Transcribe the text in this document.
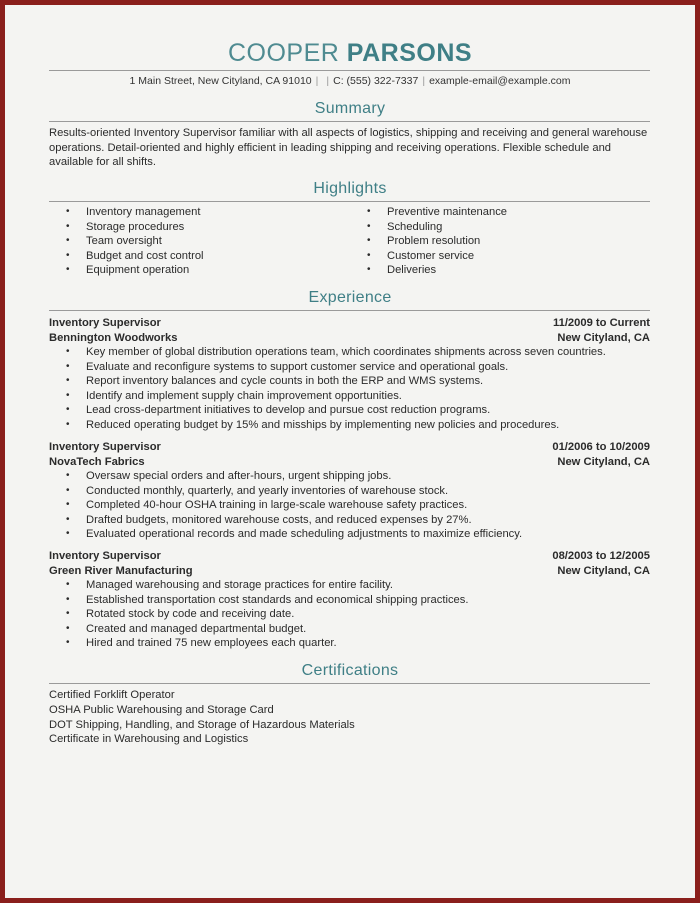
COOPER PARSONS
1 Main Street, New Cityland, CA 91010 | | C: (555) 322-7337 | example-email@example.com
Summary
Results-oriented Inventory Supervisor familiar with all aspects of logistics, shipping and receiving and general warehouse operations. Detail-oriented and highly efficient in leading shipping and receiving operations. Flexible schedule and available for all shifts.
Highlights
• Inventory management
• Storage procedures
• Team oversight
• Budget and cost control
• Equipment operation
• Preventive maintenance
• Scheduling
• Problem resolution
• Customer service
• Deliveries
Experience
Inventory Supervisor	11/2009 to Current
Bennington Woodworks	New Cityland, CA
• Key member of global distribution operations team, which coordinates shipments across seven countries.
• Evaluate and reconfigure systems to support customer service and operational goals.
• Report inventory balances and cycle counts in both the ERP and WMS systems.
• Identify and implement supply chain improvement opportunities.
• Lead cross-department initiatives to develop and pursue cost reduction programs.
• Reduced operating budget by 15% and misships by implementing new policies and procedures.
Inventory Supervisor	01/2006 to 10/2009
NovaTech Fabrics	New Cityland, CA
• Oversaw special orders and after-hours, urgent shipping jobs.
• Conducted monthly, quarterly, and yearly inventories of warehouse stock.
• Completed 40-hour OSHA training in large-scale warehouse safety practices.
• Drafted budgets, monitored warehouse costs, and reduced expenses by 27%.
• Evaluated operational records and made scheduling adjustments to maximize efficiency.
Inventory Supervisor	08/2003 to 12/2005
Green River Manufacturing	New Cityland, CA
• Managed warehousing and storage practices for entire facility.
• Established transportation cost standards and economical shipping practices.
• Rotated stock by code and receiving date.
• Created and managed departmental budget.
• Hired and trained 75 new employees each quarter.
Certifications
Certified Forklift Operator
OSHA Public Warehousing and Storage Card
DOT Shipping, Handling, and Storage of Hazardous Materials
Certificate in Warehousing and Logistics
